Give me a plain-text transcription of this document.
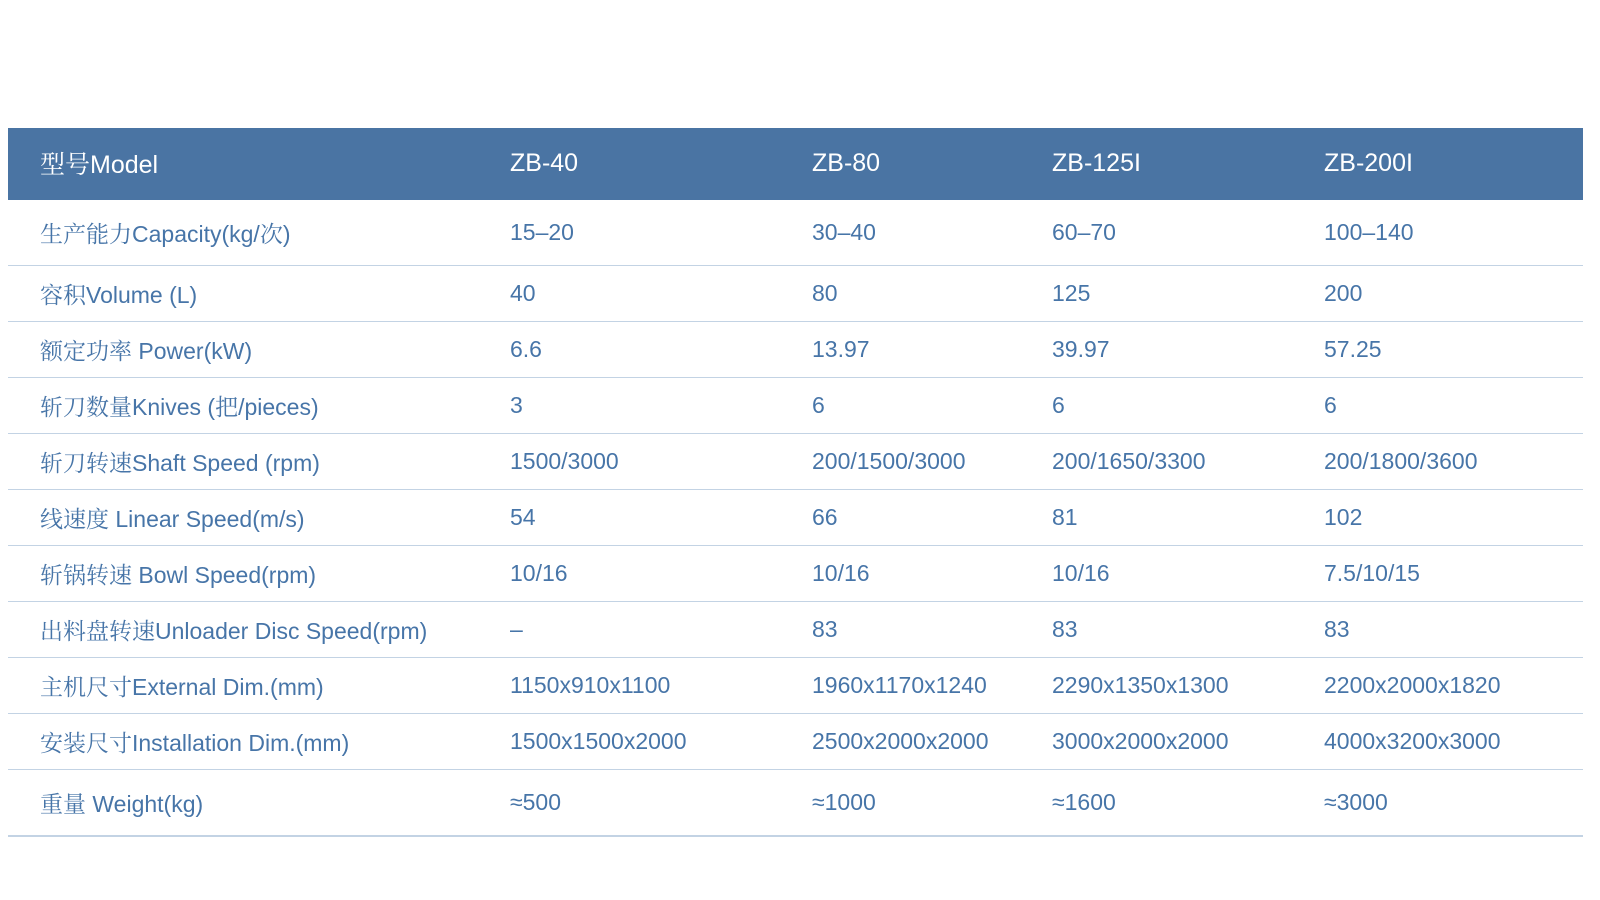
型号Model	ZB-40	ZB-80	ZB-125I	ZB-200I
生产能力Capacity(kg/次)	15–20	30–40	60–70	100–140
容积Volume (L)	40	80	125	200
额定功率 Power(kW)	6.6	13.97	39.97	57.25
斩刀数量Knives (把/pieces)	3	6	6	6
斩刀转速Shaft Speed (rpm)	1500/3000	200/1500/3000	200/1650/3300	200/1800/3600
线速度 Linear Speed(m/s)	54	66	81	102
斩锅转速 Bowl Speed(rpm)	10/16	10/16	10/16	7.5/10/15
出料盘转速Unloader Disc Speed(rpm)	–	83	83	83
主机尺寸External Dim.(mm)	1150x910x1100	1960x1170x1240	2290x1350x1300	2200x2000x1820
安装尺寸Installation Dim.(mm)	1500x1500x2000	2500x2000x2000	3000x2000x2000	4000x3200x3000
重量 Weight(kg)	≈500	≈1000	≈1600	≈3000
